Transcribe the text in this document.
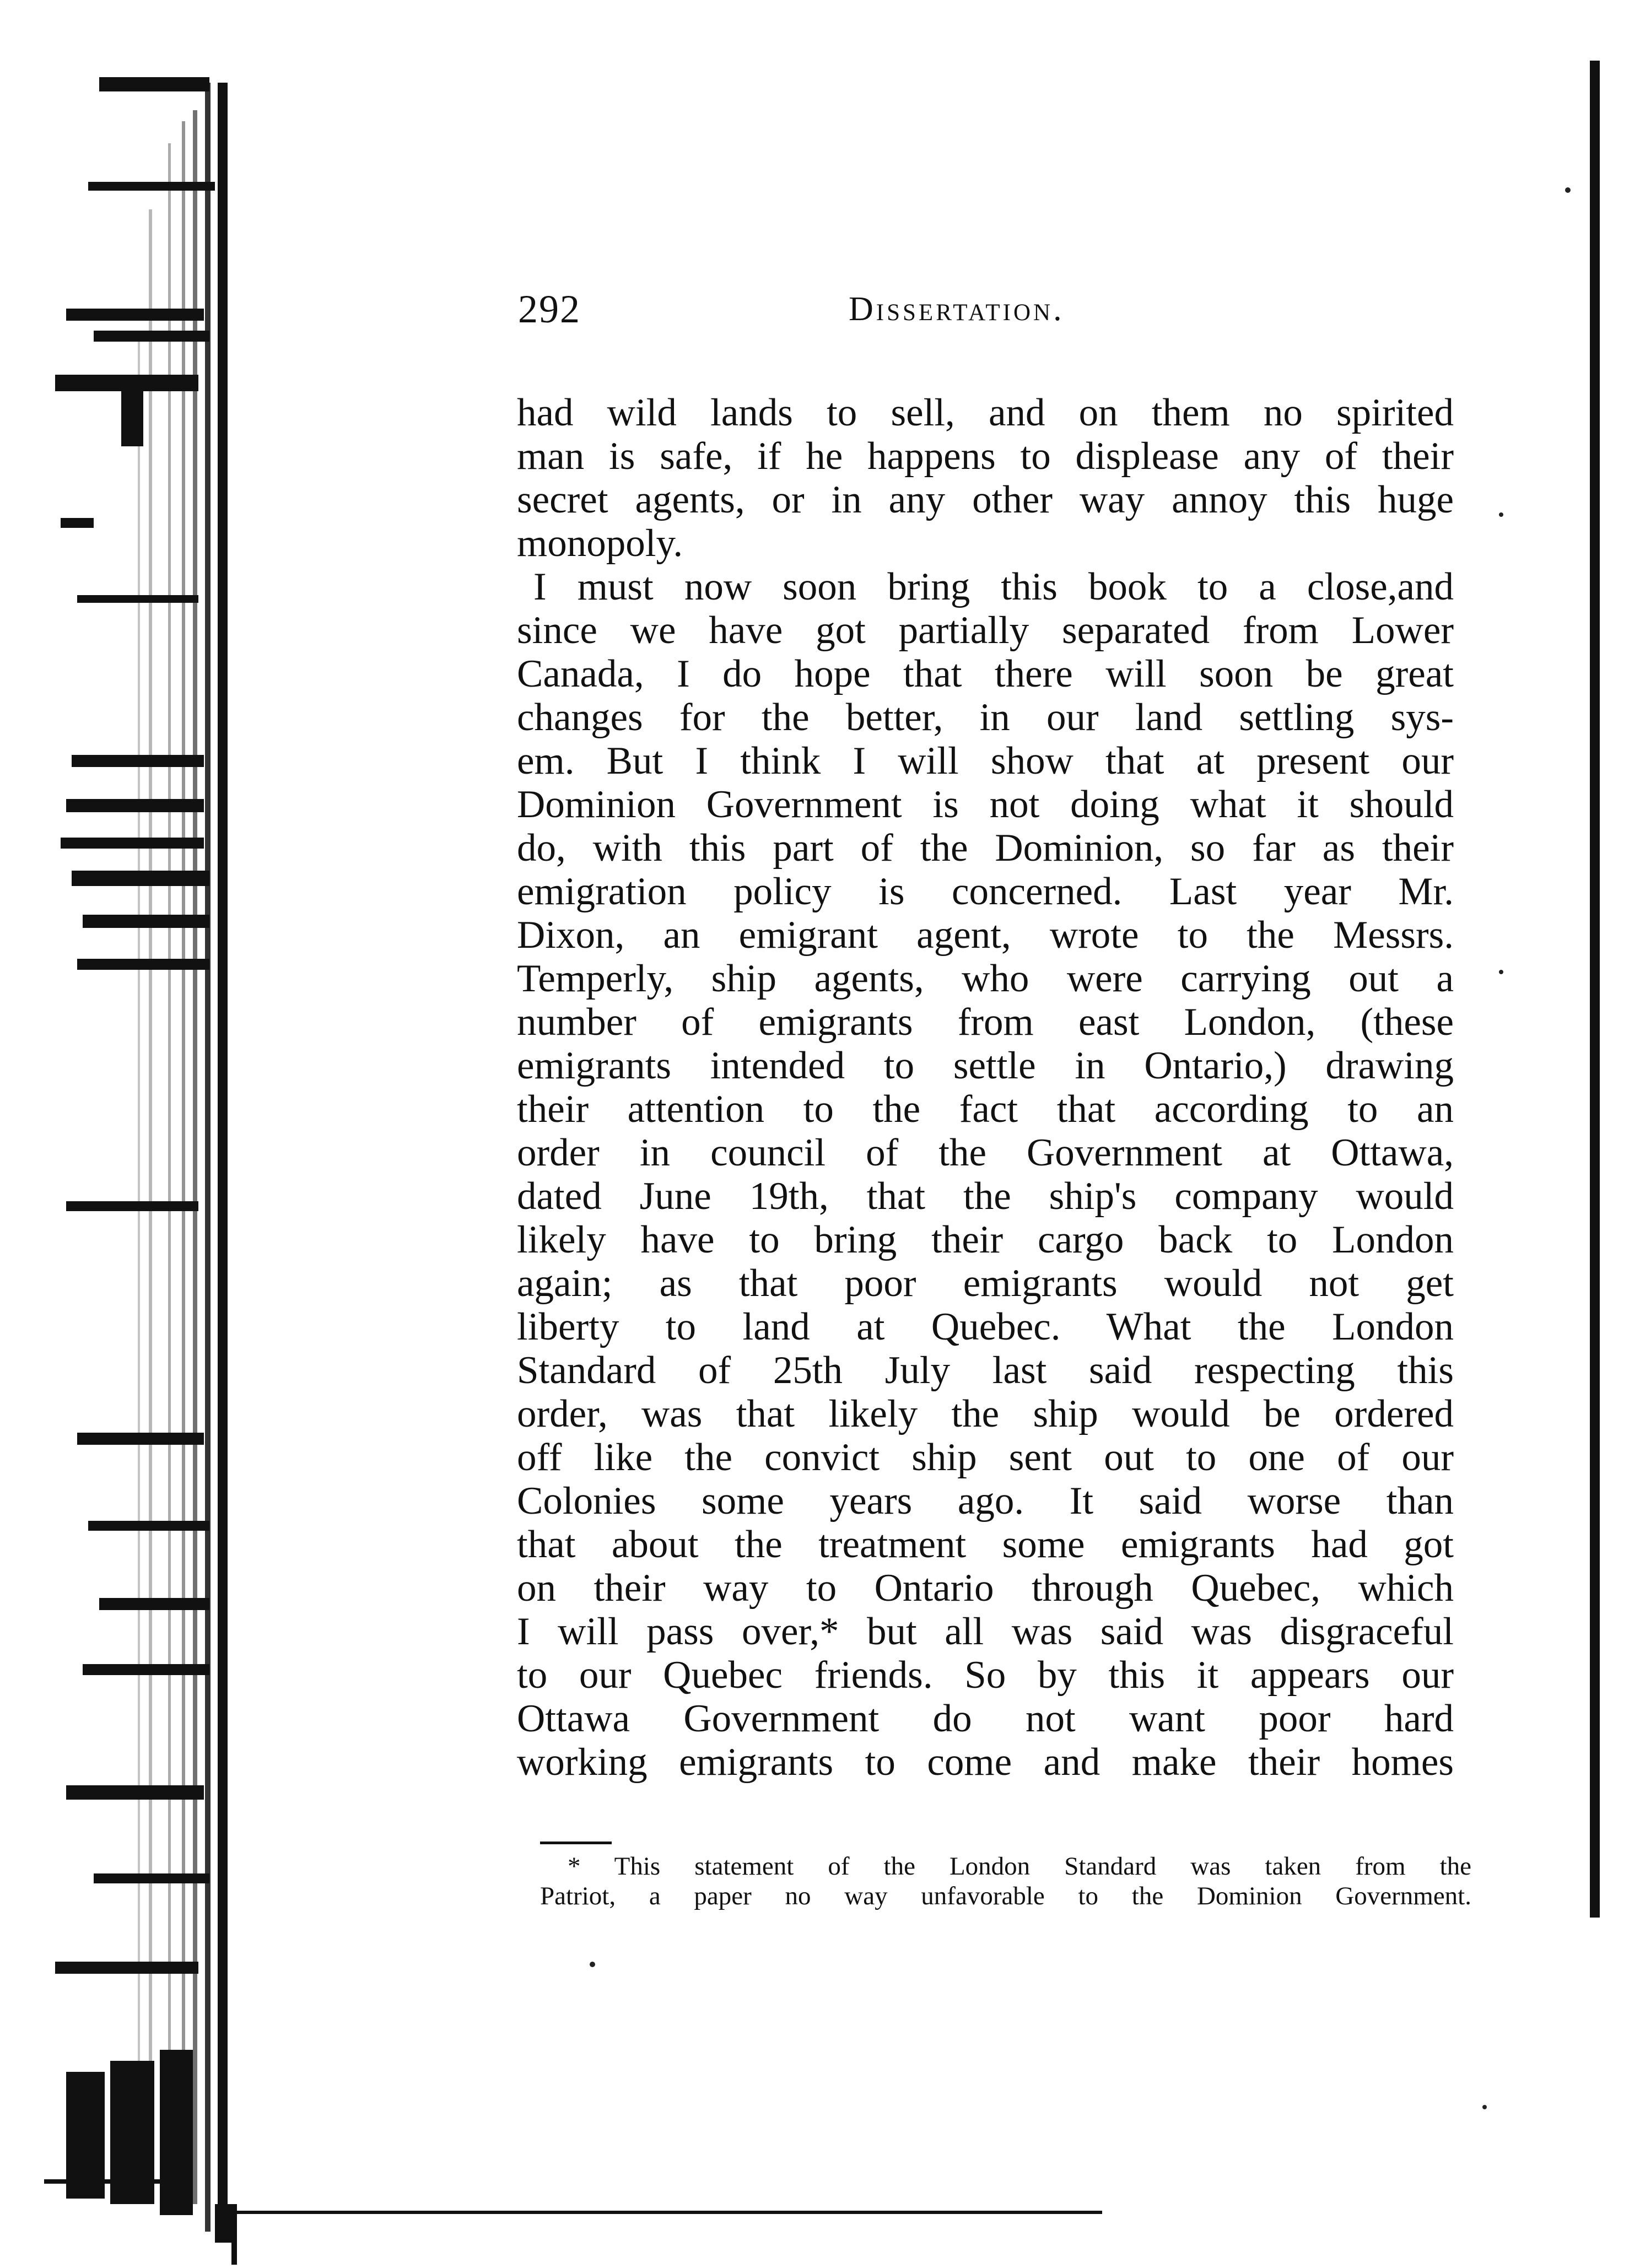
292	Dissertation.
had wild lands to sell, and on them no spirited
man is safe, if he happens to displease any of their
secret agents, or in any other way annoy this huge
monopoly.
I must now soon bring this book to a close,and
since we have got partially separated from Lower
Canada, I do hope that there will soon be great
changes for the better, in our land settling sys-
em. But I think I will show that at present our
Dominion Government is not doing what it should
do, with this part of the Dominion, so far as their
emigration policy is concerned. Last year Mr.
Dixon, an emigrant agent, wrote to the Messrs.
Temperly, ship agents, who were carrying out a
number of emigrants from east London, (these
emigrants intended to settle in Ontario,) drawing
their attention to the fact that according to an
order in council of the Government at Ottawa,
dated June 19th, that the ship's company would
likely have to bring their cargo back to London
again; as that poor emigrants would not get
liberty to land at Quebec. What the London
Standard of 25th July last said respecting this
order, was that likely the ship would be ordered
off like the convict ship sent out to one of our
Colonies some years ago. It said worse than
that about the treatment some emigrants had got
on their way to Ontario through Quebec, which
I will pass over,* but all was said was disgraceful
to our Quebec friends. So by this it appears our
Ottawa Government do not want poor hard
working emigrants to come and make their homes
* This statement of the London Standard was taken from the
Patriot, a paper no way unfavorable to the Dominion Government.
